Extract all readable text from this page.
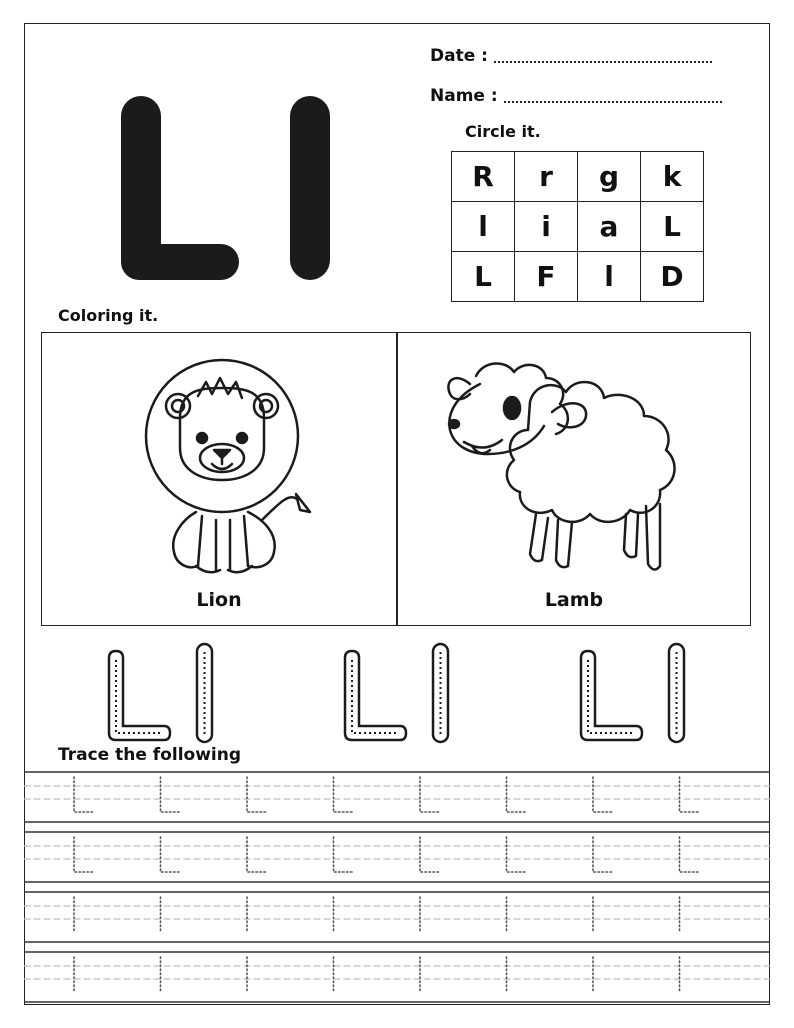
Date :
Name :
Circle it.
R	r	g	k
l	i	a	L
L	F	l	D
Coloring it.
Lion	Lamb
Trace the following
